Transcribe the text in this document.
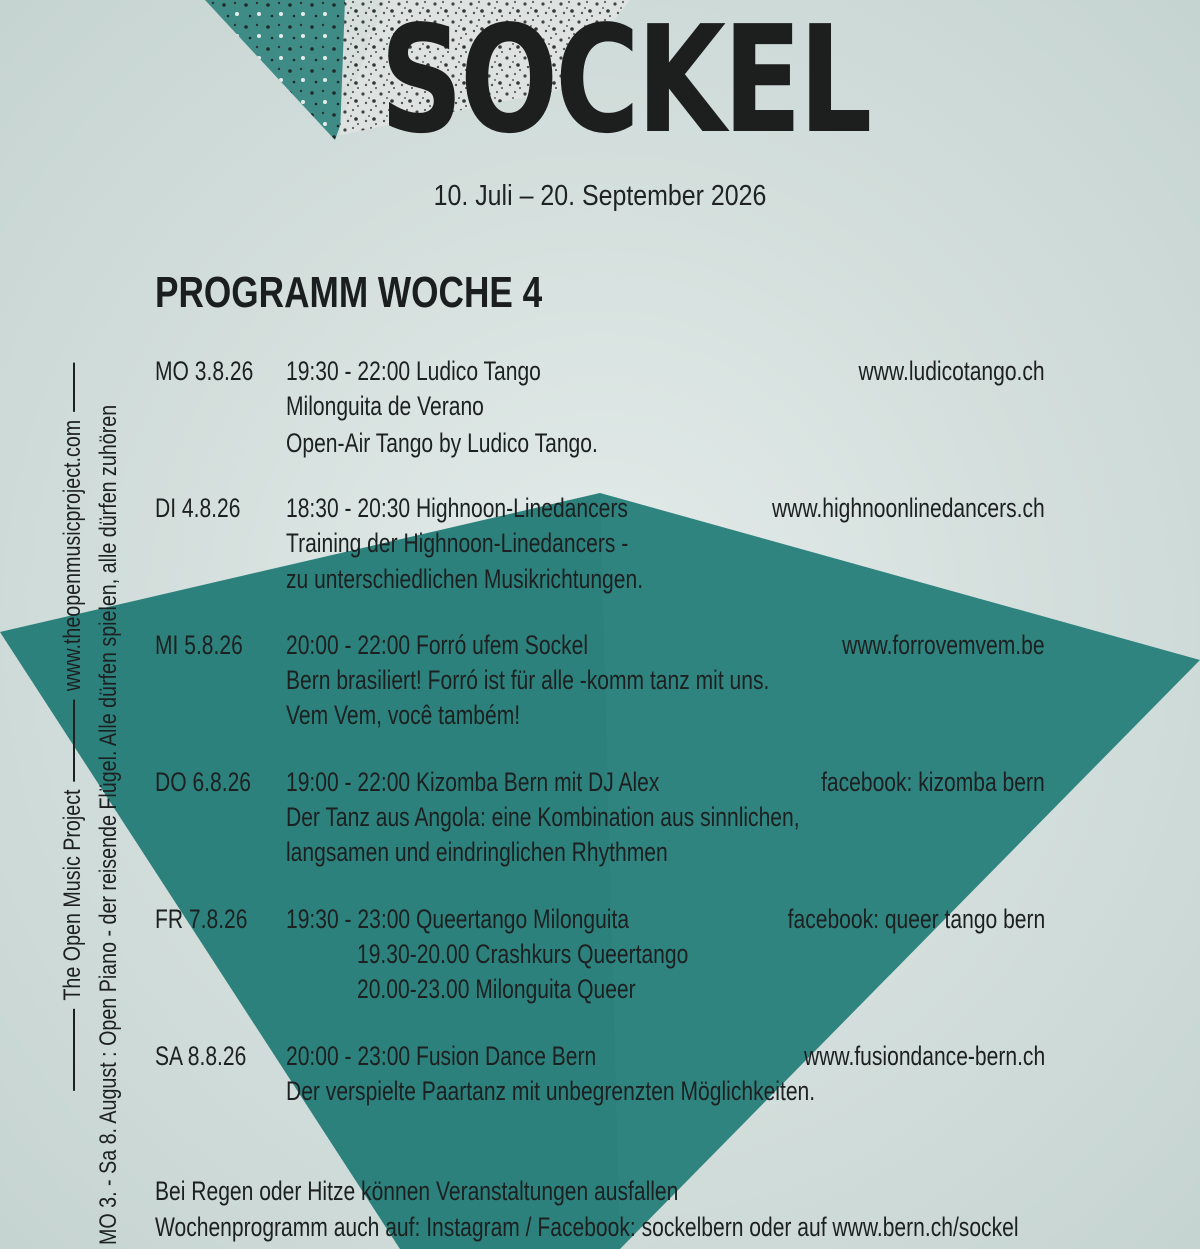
SOCKEL
10. Juli – 20. September 2026
PROGRAMM WOCHE 4
The Open Music Projectwww.theopenmusicproject.com MO 3. - Sa 8. August : Open Piano - der reisende Flügel. Alle dürfen spielen, alle dürfen zuhören
MO 3.8.26 19:30 - 22:00 Ludico Tango	www.ludicotango.ch
Milonguita de Verano
Open-Air Tango by Ludico Tango.
DI 4.8.26 18:30 - 20:30 Highnoon-Linedancers	www.highnoonlinedancers.ch
Training der Highnoon-Linedancers -
zu unterschiedlichen Musikrichtungen.
MI 5.8.26 20:00 - 22:00 Forró ufem Sockel	www.forrovemvem.be
Bern brasiliert! Forró ist für alle -komm tanz mit uns.
Vem Vem, você também!
DO 6.8.26 19:00 - 22:00 Kizomba Bern mit DJ Alex	facebook: kizomba bern
Der Tanz aus Angola: eine Kombination aus sinnlichen,
langsamen und eindringlichen Rhythmen
FR 7.8.26 19:30 - 23:00 Queertango Milonguita	facebook: queer tango bern
19.30-20.00 Crashkurs Queertango
20.00-23.00 Milonguita Queer
SA 8.8.26 20:00 - 23:00 Fusion Dance Bern	www.fusiondance-bern.ch
Der verspielte Paartanz mit unbegrenzten Möglichkeiten.
Bei Regen oder Hitze können Veranstaltungen ausfallen
Wochenprogramm auch auf: Instagram / Facebook: sockelbern oder auf www.bern.ch/sockel
